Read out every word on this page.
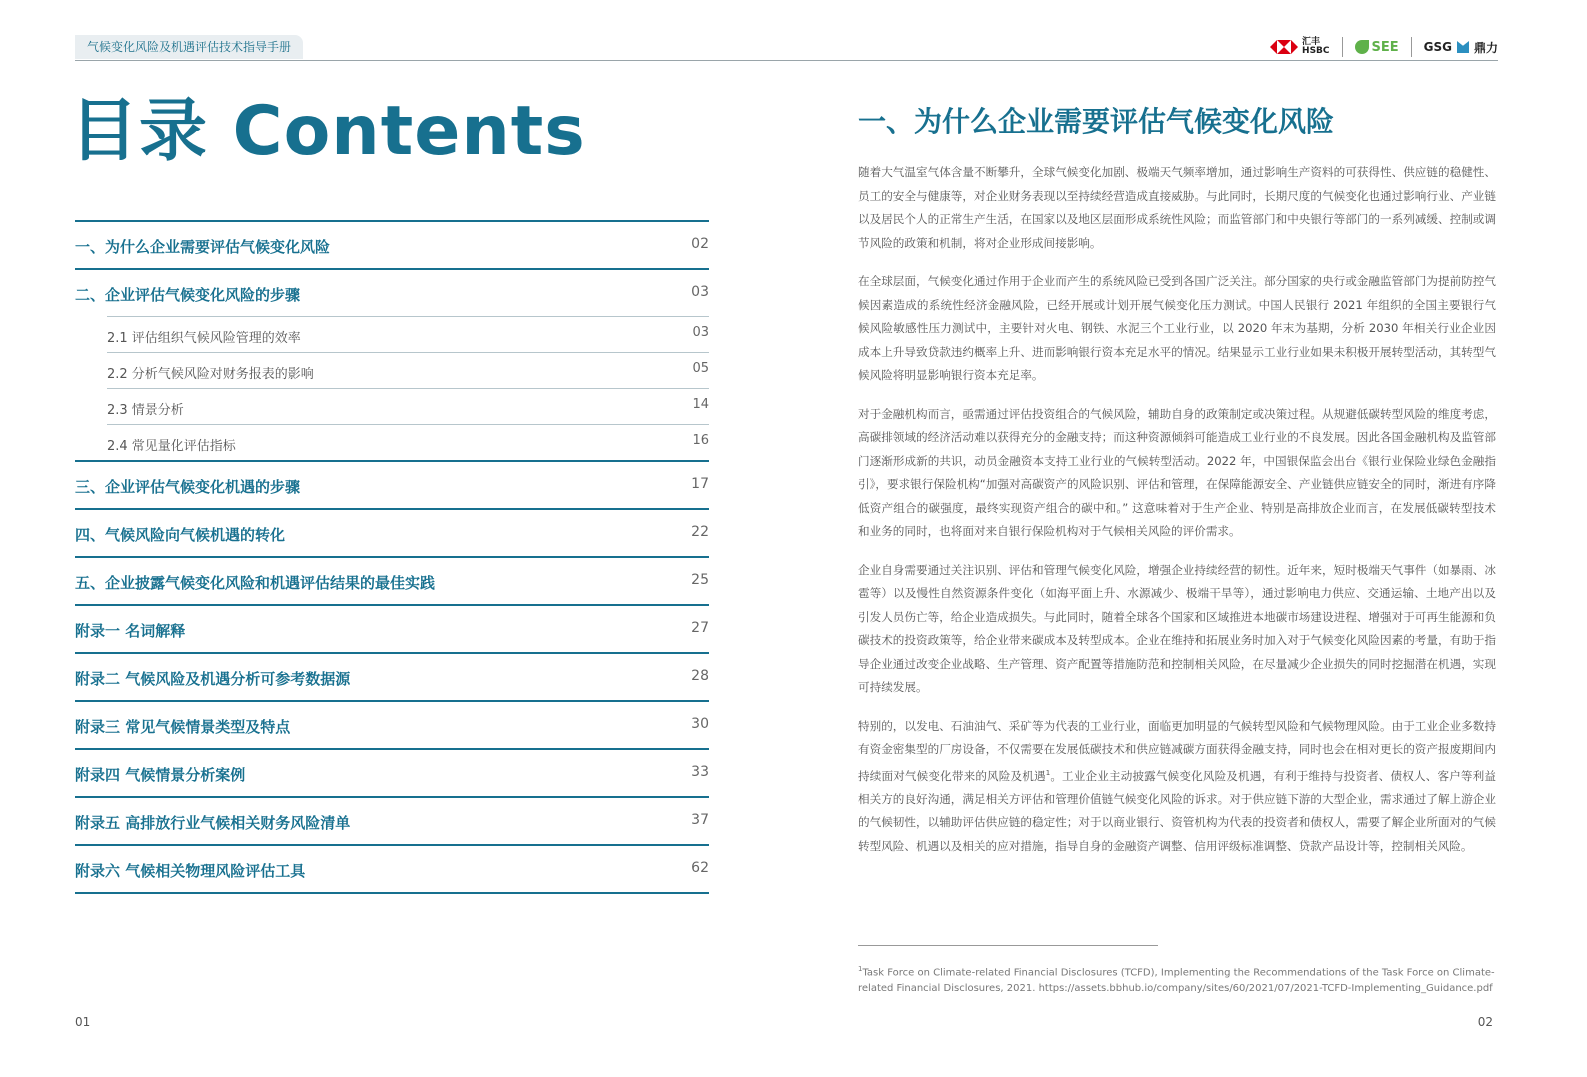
气候变化风险及机遇评估技术指导手册	汇丰
HSBC	SEE GSG 鼎力
目录 Contents
一、为什么企业需要评估气候变化风险	02
二、企业评估气候变化风险的步骤	03
2.1 评估组织气候风险管理的效率	03
2.2 分析气候风险对财务报表的影响	05
2.3 情景分析	14
2.4 常见量化评估指标	16
三、企业评估气候变化机遇的步骤	17
四、气候风险向气候机遇的转化	22
五、企业披露气候变化风险和机遇评估结果的最佳实践	25
附录一 名词解释	27
附录二 气候风险及机遇分析可参考数据源	28
附录三 常见气候情景类型及特点	30
附录四 气候情景分析案例	33
附录五 高排放行业气候相关财务风险清单	37
附录六 气候相关物理风险评估工具	62
01
一、为什么企业需要评估气候变化风险

随着大气温室气体含量不断攀升，全球气候变化加剧、极端天气频率增加，通过影响生产资料的可获得性、供应链的稳健性、员工的安全与健康等，对企业财务表现以至持续经营造成直接威胁。与此同时，长期尺度的气候变化也通过影响行业、产业链以及居民个人的正常生产生活，在国家以及地区层面形成系统性风险；而监管部门和中央银行等部门的一系列减缓、控制或调节风险的政策和机制，将对企业形成间接影响。

在全球层面，气候变化通过作用于企业而产生的系统风险已受到各国广泛关注。部分国家的央行或金融监管部门为提前防控气候因素造成的系统性经济金融风险，已经开展或计划开展气候变化压力测试。中国人民银行 2021 年组织的全国主要银行气候风险敏感性压力测试中，主要针对火电、钢铁、水泥三个工业行业，以 2020 年末为基期，分析 2030 年相关行业企业因成本上升导致贷款违约概率上升、进而影响银行资本充足水平的情况。结果显示工业行业如果未积极开展转型活动，其转型气候风险将明显影响银行资本充足率。

对于金融机构而言，亟需通过评估投资组合的气候风险，辅助自身的政策制定或决策过程。从规避低碳转型风险的维度考虑，高碳排领域的经济活动难以获得充分的金融支持；而这种资源倾斜可能造成工业行业的不良发展。因此各国金融机构及监管部门逐渐形成新的共识，动员金融资本支持工业行业的气候转型活动。2022 年，中国银保监会出台《银行业保险业绿色金融指引》，要求银行保险机构“加强对高碳资产的风险识别、评估和管理，在保障能源安全、产业链供应链安全的同时，渐进有序降低资产组合的碳强度，最终实现资产组合的碳中和。” 这意味着对于生产企业、特别是高排放企业而言，在发展低碳转型技术和业务的同时，也将面对来自银行保险机构对于气候相关风险的评价需求。

企业自身需要通过关注识别、评估和管理气候变化风险，增强企业持续经营的韧性。近年来，短时极端天气事件（如暴雨、冰雹等）以及慢性自然资源条件变化（如海平面上升、水源减少、极端干旱等），通过影响电力供应、交通运输、土地产出以及引发人员伤亡等，给企业造成损失。与此同时，随着全球各个国家和区域推进本地碳市场建设进程、增强对于可再生能源和负碳技术的投资政策等，给企业带来碳成本及转型成本。企业在维持和拓展业务时加入对于气候变化风险因素的考量，有助于指导企业通过改变企业战略、生产管理、资产配置等措施防范和控制相关风险，在尽量减少企业损失的同时挖掘潜在机遇，实现可持续发展。

特别的，以发电、石油油气、采矿等为代表的工业行业，面临更加明显的气候转型风险和气候物理风险。由于工业企业多数持有资金密集型的厂房设备，不仅需要在发展低碳技术和供应链减碳方面获得金融支持，同时也会在相对更长的资产报废期间内持续面对气候变化带来的风险及机遇$^1$。工业企业主动披露气候变化风险及机遇，有利于维持与投资者、债权人、客户等利益相关方的良好沟通，满足相关方评估和管理价值链气候变化风险的诉求。对于供应链下游的大型企业，需求通过了解上游企业的气候韧性，以辅助评估供应链的稳定性；对于以商业银行、资管机构为代表的投资者和债权人，需要了解企业所面对的气候转型风险、机遇以及相关的应对措施，指导自身的金融资产调整、信用评级标准调整、贷款产品设计等，控制相关风险。

$^1$Task Force on Climate-related Financial Disclosures (TCFD), Implementing the Recommendations of the Task Force on Climate-related Financial Disclosures, 2021. https://assets.bbhub.io/company/sites/60/2021/07/2021-TCFD-Implementing_Guidance.pdf
02
